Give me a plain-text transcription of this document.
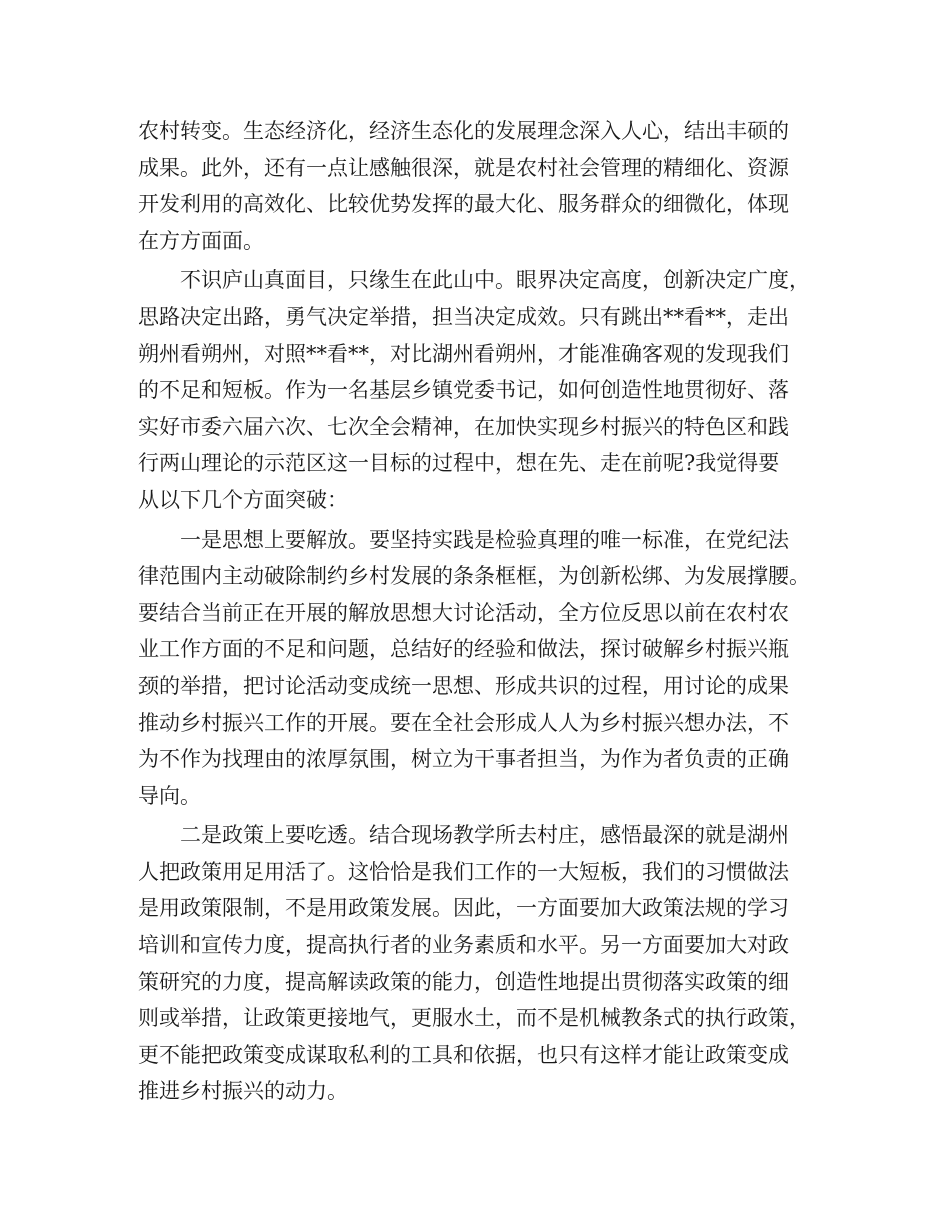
农村转变。生态经济化，经济生态化的发展理念深入人心，结出丰硕的
成果。此外，还有一点让感触很深，就是农村社会管理的精细化、资源
开发利用的高效化、比较优势发挥的最大化、服务群众的细微化，体现
在方方面面。

　　不识庐山真面目，只缘生在此山中。眼界决定高度，创新决定广度，
思路决定出路，勇气决定举措，担当决定成效。只有跳出**看**，走出
朔州看朔州，对照**看**，对比湖州看朔州，才能准确客观的发现我们
的不足和短板。作为一名基层乡镇党委书记，如何创造性地贯彻好、落
实好市委六届六次、七次全会精神，在加快实现乡村振兴的特色区和践
行两山理论的示范区这一目标的过程中，想在先、走在前呢?我觉得要
从以下几个方面突破：

　　一是思想上要解放。要坚持实践是检验真理的唯一标准，在党纪法
律范围内主动破除制约乡村发展的条条框框，为创新松绑、为发展撑腰。
要结合当前正在开展的解放思想大讨论活动，全方位反思以前在农村农
业工作方面的不足和问题，总结好的经验和做法，探讨破解乡村振兴瓶
颈的举措，把讨论活动变成统一思想、形成共识的过程，用讨论的成果
推动乡村振兴工作的开展。要在全社会形成人人为乡村振兴想办法，不
为不作为找理由的浓厚氛围，树立为干事者担当，为作为者负责的正确
导向。

　　二是政策上要吃透。结合现场教学所去村庄，感悟最深的就是湖州
人把政策用足用活了。这恰恰是我们工作的一大短板，我们的习惯做法
是用政策限制，不是用政策发展。因此，一方面要加大政策法规的学习
培训和宣传力度，提高执行者的业务素质和水平。另一方面要加大对政
策研究的力度，提高解读政策的能力，创造性地提出贯彻落实政策的细
则或举措，让政策更接地气，更服水土，而不是机械教条式的执行政策，
更不能把政策变成谋取私利的工具和依据，也只有这样才能让政策变成
推进乡村振兴的动力。
